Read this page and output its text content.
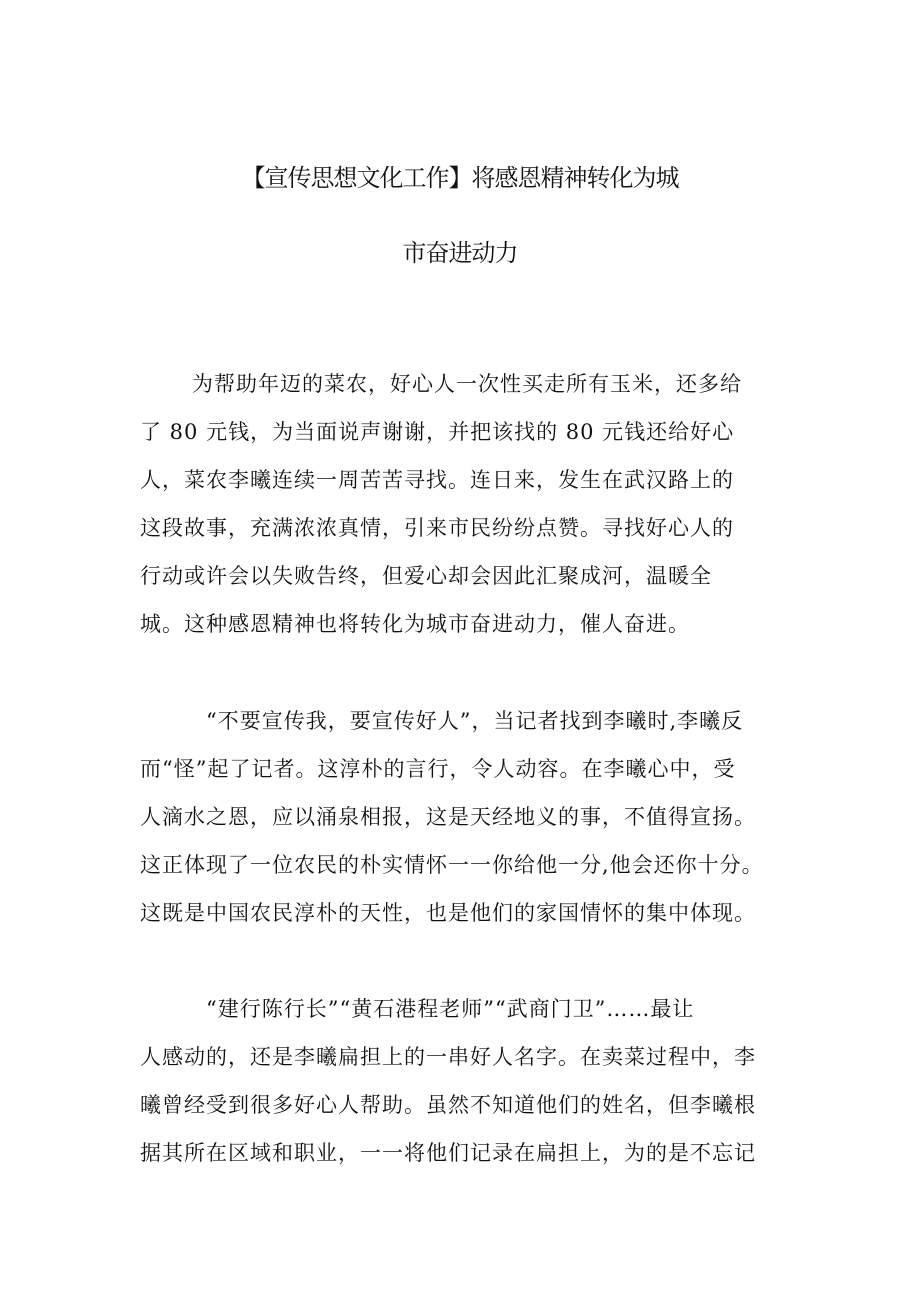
【宣传思想文化工作】将感恩精神转化为城
市奋进动力
为帮助年迈的菜农，好心人一次性买走所有玉米，还多给
了 80 元钱，为当面说声谢谢，并把该找的 80 元钱还给好心
人，菜农李曦连续一周苦苦寻找。连日来，发生在武汉路上的
这段故事，充满浓浓真情，引来市民纷纷点赞。寻找好心人的
行动或许会以失败告终，但爱心却会因此汇聚成河，温暖全
城。这种感恩精神也将转化为城市奋进动力，催人奋进。
“不要宣传我，要宣传好人”，当记者找到李曦时,李曦反
而“怪”起了记者。这淳朴的言行，令人动容。在李曦心中，受
人滴水之恩，应以涌泉相报，这是天经地义的事，不值得宣扬。
这正体现了一位农民的朴实情怀一一你给他一分,他会还你十分。
这既是中国农民淳朴的天性，也是他们的家国情怀的集中体现。
“建行陈行长”“黄石港程老师”“武商门卫”……最让
人感动的，还是李曦扁担上的一串好人名字。在卖菜过程中，李
曦曾经受到很多好心人帮助。虽然不知道他们的姓名，但李曦根
据其所在区域和职业，一一将他们记录在扁担上，为的是不忘记
